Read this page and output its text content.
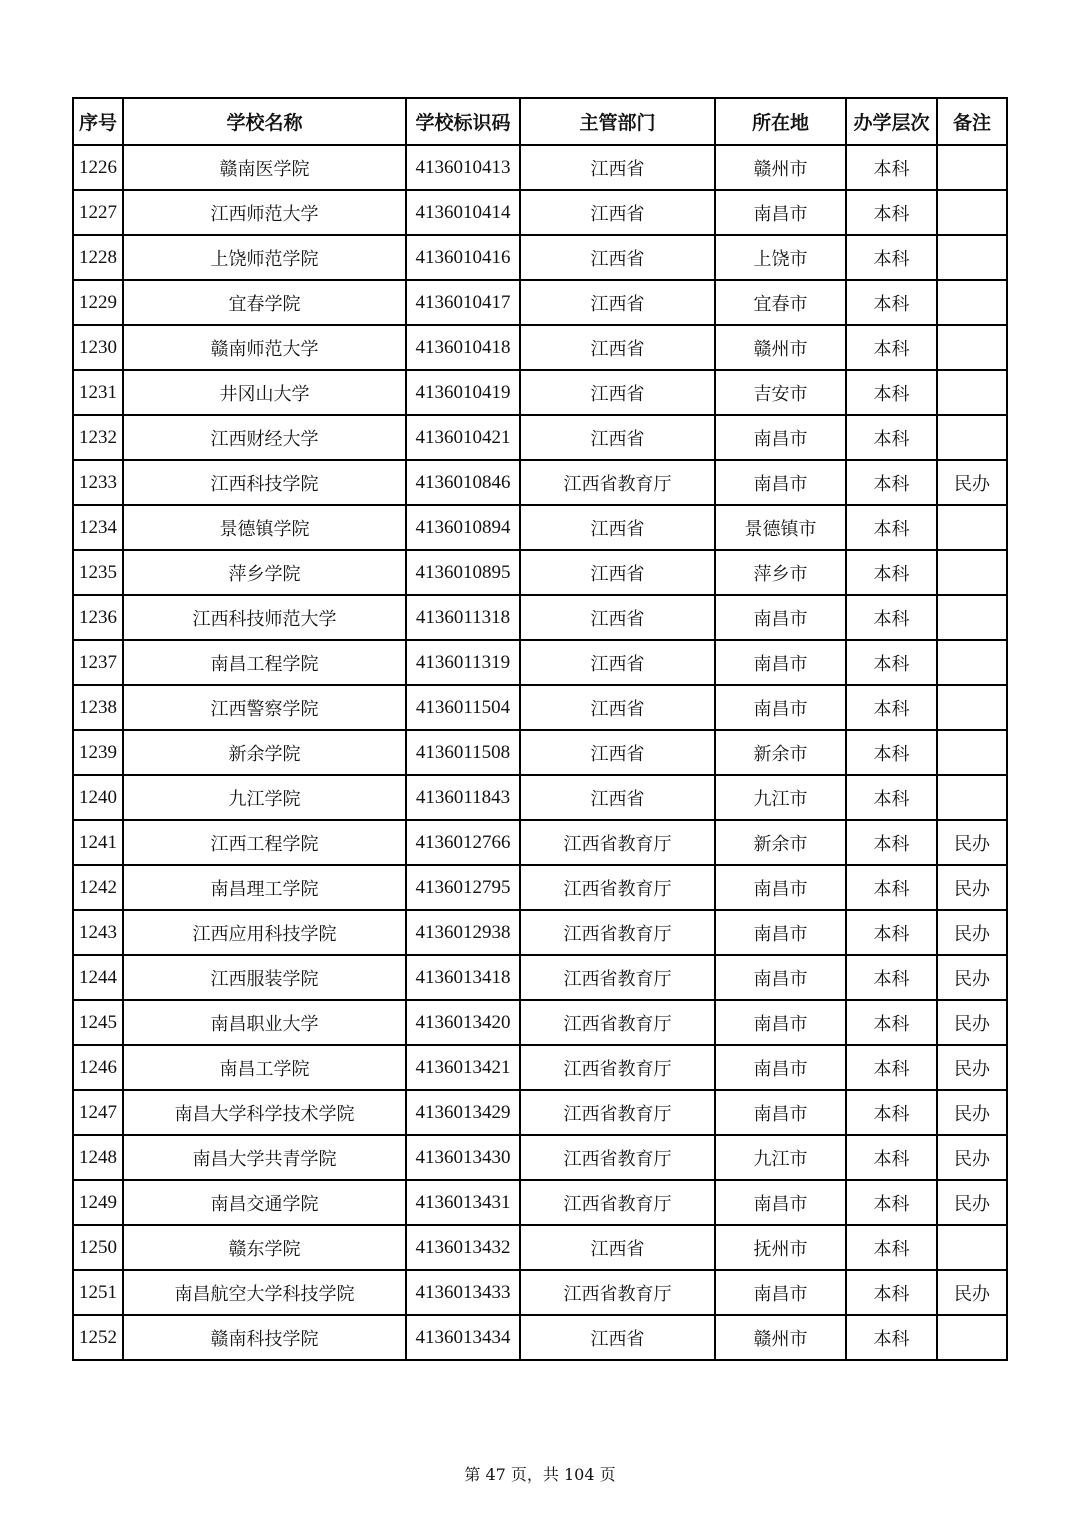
序号	学校名称	学校标识码	主管部门	所在地	办学层次	备注
1226	赣南医学院	4136010413	江西省	赣州市	本科	
1227	江西师范大学	4136010414	江西省	南昌市	本科	
1228	上饶师范学院	4136010416	江西省	上饶市	本科	
1229	宜春学院	4136010417	江西省	宜春市	本科	
1230	赣南师范大学	4136010418	江西省	赣州市	本科	
1231	井冈山大学	4136010419	江西省	吉安市	本科	
1232	江西财经大学	4136010421	江西省	南昌市	本科	
1233	江西科技学院	4136010846	江西省教育厅	南昌市	本科	民办
1234	景德镇学院	4136010894	江西省	景德镇市	本科	
1235	萍乡学院	4136010895	江西省	萍乡市	本科	
1236	江西科技师范大学	4136011318	江西省	南昌市	本科	
1237	南昌工程学院	4136011319	江西省	南昌市	本科	
1238	江西警察学院	4136011504	江西省	南昌市	本科	
1239	新余学院	4136011508	江西省	新余市	本科	
1240	九江学院	4136011843	江西省	九江市	本科	
1241	江西工程学院	4136012766	江西省教育厅	新余市	本科	民办
1242	南昌理工学院	4136012795	江西省教育厅	南昌市	本科	民办
1243	江西应用科技学院	4136012938	江西省教育厅	南昌市	本科	民办
1244	江西服装学院	4136013418	江西省教育厅	南昌市	本科	民办
1245	南昌职业大学	4136013420	江西省教育厅	南昌市	本科	民办
1246	南昌工学院	4136013421	江西省教育厅	南昌市	本科	民办
1247	南昌大学科学技术学院	4136013429	江西省教育厅	南昌市	本科	民办
1248	南昌大学共青学院	4136013430	江西省教育厅	九江市	本科	民办
1249	南昌交通学院	4136013431	江西省教育厅	南昌市	本科	民办
1250	赣东学院	4136013432	江西省	抚州市	本科	
1251	南昌航空大学科技学院	4136013433	江西省教育厅	南昌市	本科	民办
1252	赣南科技学院	4136013434	江西省	赣州市	本科	
第 47 页，共 104 页
